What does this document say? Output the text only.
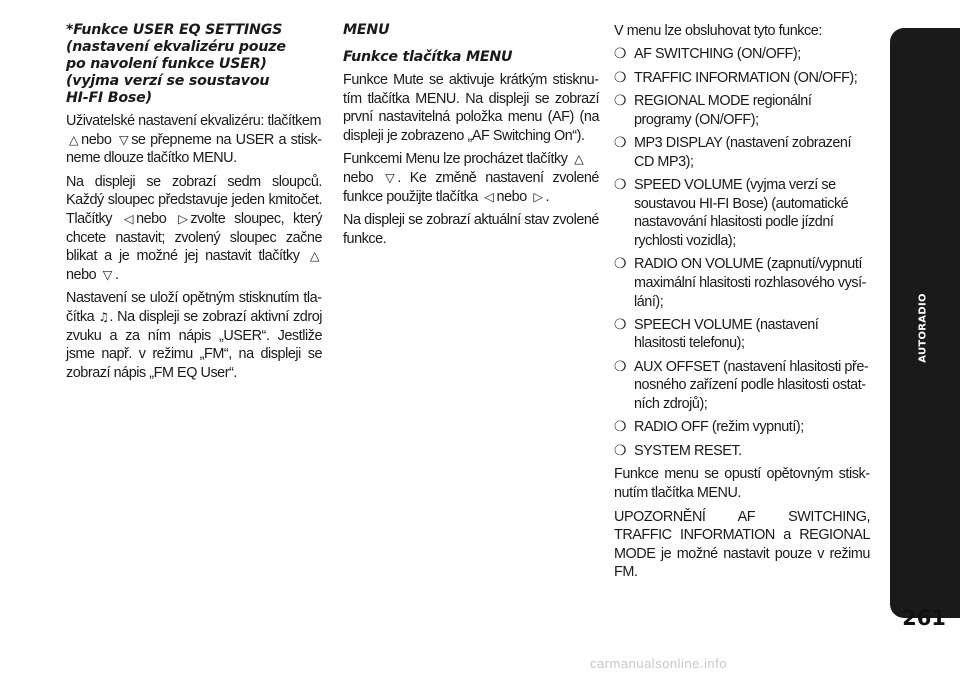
*Funkce USER EQ SETTINGS
(nastavení ekvalizéru pouze
po navolení funkce USER)
(vyjma verzí se soustavou
HI-FI Bose)

Uživatelské nastavení ekvalizéru: tlačítkem
△ nebo ▽ se přepneme na USER a stiskneme dlouze tlačítko MENU.

Na displeji se zobrazí sedm sloupců. Každý sloupec představuje jeden kmitočet. Tlačítky ◁ nebo ▷ zvolte sloupec, který chcete nastavit; zvolený sloupec začne blikat a je možné jej nastavit tlačítky △nebo ▽ .

Nastavení se uloží opětným stisknutím tlačítka ♫. Na displeji se zobrazí aktivní zdroj zvuku a za ním nápis „USER“. Jestliže jsme např. v režimu „FM“, na displeji se zobrazí nápis „FM EQ User“.

MENU
Funkce tlačítka MENU

Funkce Mute se aktivuje krátkým stisknutím tlačítka MENU. Na displeji se zobrazí první nastavitelná položka menu (AF) (na displeji je zobrazeno „AF Switching On“).

Funkcemi Menu lze procházet tlačítky △
nebo ▽ . Ke změně nastavení zvolené funkce použijte tlačítka ◁ nebo ▷ .

Na displeji se zobrazí aktuální stav zvolené funkce.

V menu lze obsluhovat tyto funkce:

❍ AF SWITCHING (ON/OFF);
❍ TRAFFIC INFORMATION (ON/OFF);
❍ REGIONAL MODE regionální programy (ON/OFF);
❍ MP3 DISPLAY (nastavení zobrazení CD MP3);
❍ SPEED VOLUME (vyjma verzí se soustavou HI-FI Bose) (automatické nastavování hlasitosti podle jízdní rychlosti vozidla);
❍ RADIO ON VOLUME (zapnutí/vypnutí maximální hlasitosti rozhlasového vysílání);
❍ SPEECH VOLUME (nastavení hlasitosti telefonu);
❍ AUX OFFSET (nastavení hlasitosti přenosného zařízení podle hlasitosti ostatních zdrojů);
❍ RADIO OFF (režim vypnutí);
❍ SYSTEM RESET.

Funkce menu se opustí opětovným stisknutím tlačítka MENU.

UPOZORNĚNÍ AF SWITCHING, TRAFFIC INFORMATION a REGIONAL MODE je možné nastavit pouze v režimu FM.

AUTORADIO
261
carmanualsonline.info
